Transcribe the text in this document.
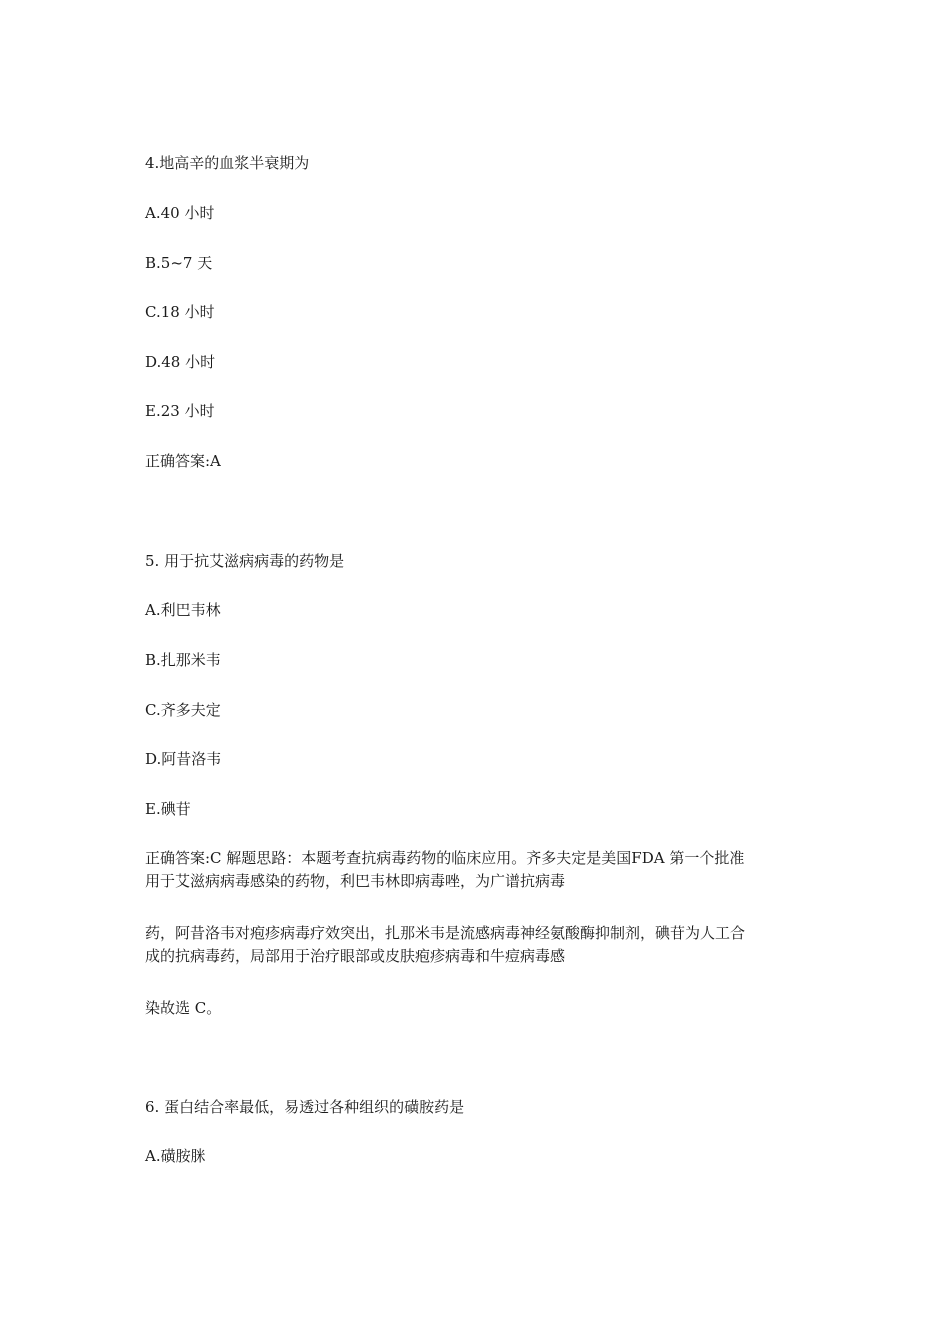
4.地高辛的血浆半衰期为
A.40 小时
B.5~7 天
C.18 小时
D.48 小时
E.23 小时
正确答案:A
5. 用于抗艾滋病病毒的药物是
A.利巴韦林
B.扎那米韦
C.齐多夫定
D.阿昔洛韦
E.碘苷
正确答案:C 解题思路：本题考查抗病毒药物的临床应用。齐多夫定是美国FDA 第一个批准
用于艾滋病病毒感染的药物，利巴韦林即病毒唑，为广谱抗病毒
药，阿昔洛韦对疱疹病毒疗效突出，扎那米韦是流感病毒神经氨酸酶抑制剂，碘苷为人工合
成的抗病毒药，局部用于治疗眼部或皮肤疱疹病毒和牛痘病毒感
染故选 C。
6. 蛋白结合率最低，易透过各种组织的磺胺药是
A.磺胺脒
